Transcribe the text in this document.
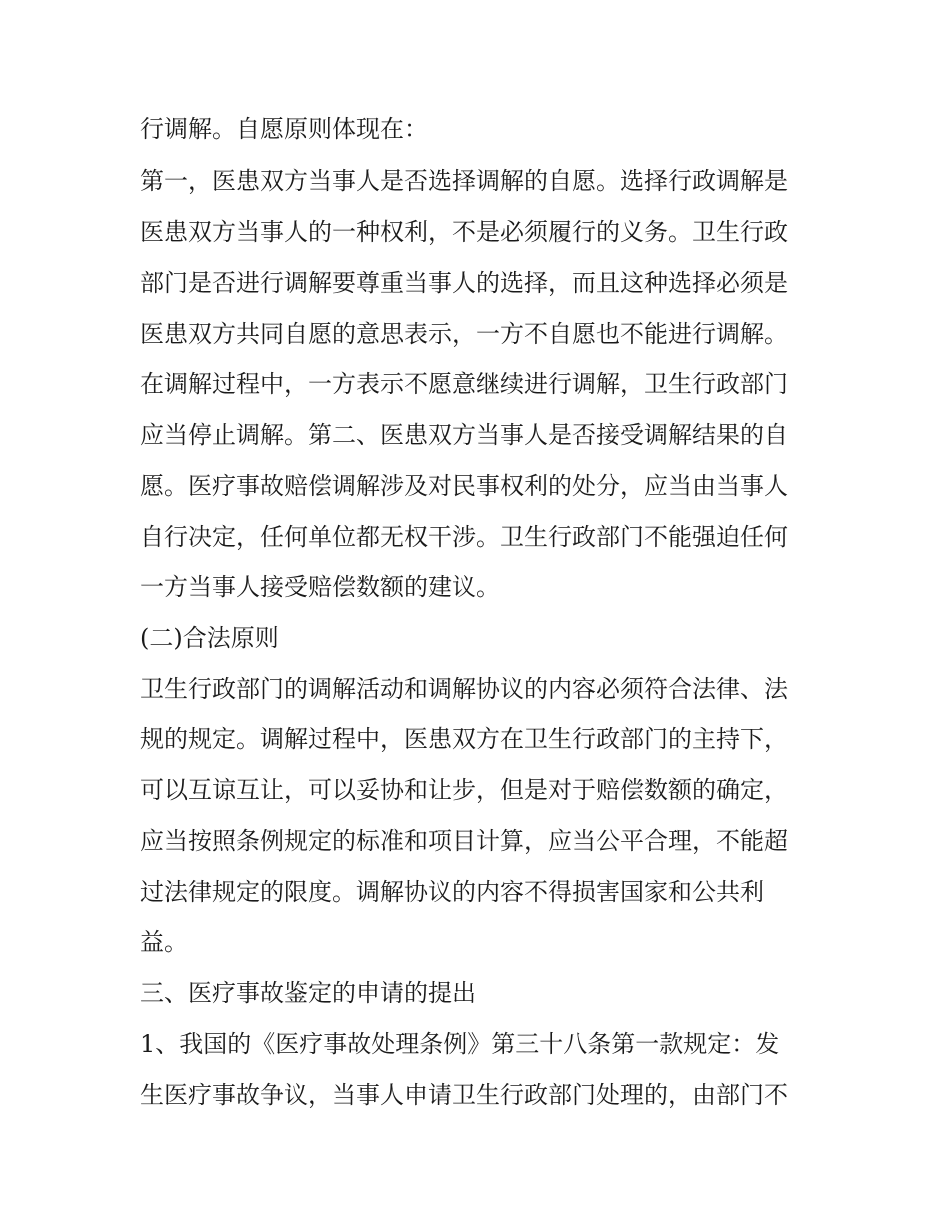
行调解。自愿原则体现在：
第一，医患双方当事人是否选择调解的自愿。选择行政调解是
医患双方当事人的一种权利，不是必须履行的义务。卫生行政
部门是否进行调解要尊重当事人的选择，而且这种选择必须是
医患双方共同自愿的意思表示，一方不自愿也不能进行调解。
在调解过程中，一方表示不愿意继续进行调解，卫生行政部门
应当停止调解。第二、医患双方当事人是否接受调解结果的自
愿。医疗事故赔偿调解涉及对民事权利的处分，应当由当事人
自行决定，任何单位都无权干涉。卫生行政部门不能强迫任何
一方当事人接受赔偿数额的建议。
(二)合法原则
卫生行政部门的调解活动和调解协议的内容必须符合法律、法
规的规定。调解过程中，医患双方在卫生行政部门的主持下，
可以互谅互让，可以妥协和让步，但是对于赔偿数额的确定，
应当按照条例规定的标准和项目计算，应当公平合理，不能超
过法律规定的限度。调解协议的内容不得损害国家和公共利
益。
三、医疗事故鉴定的申请的提出
1、我国的《医疗事故处理条例》第三十八条第一款规定：发
生医疗事故争议，当事人申请卫生行政部门处理的，由部门不
